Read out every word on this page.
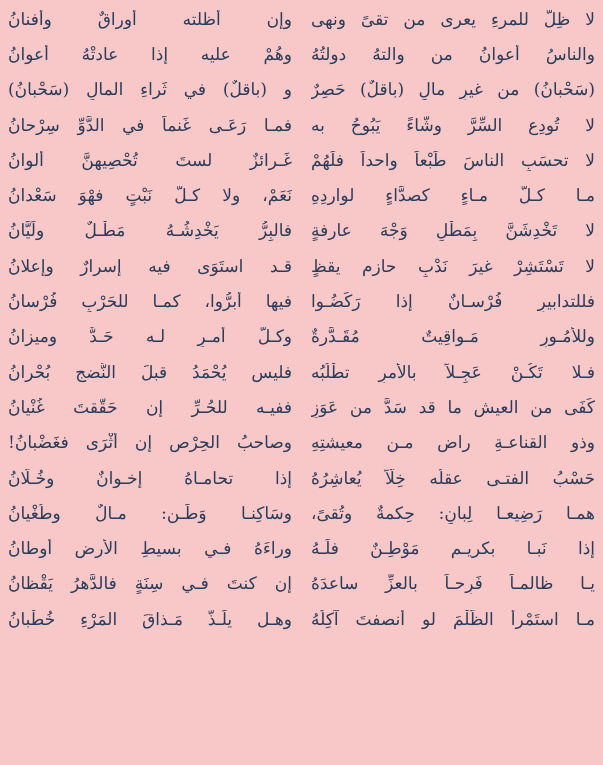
لا ظِلّ للمرءِ يعرى من تقىً ونهى
وإن أظلته أوراقٌ وأفنانُ
والناسُ أعوانُ من والتهُ دولتُهُ
وهُمْ عليه إذا عادتْهُ أعوانُ
(سَحْبانُ) من غيرِ مالٍ (باقلٌ) حَصِرٌ
و (باقلٌ) في ثَراءِ المالِ (سَحْبانُ)
لا تُودِعِ السِّرَّ وشَّاءً يَبُوحُ به
فمـا رَعَـى غَنماً في الدَّوِّ سِرْحانُ
لا تحسَبِ الناسَ طَبْعاً واحداً فلَهُمْ
غَـرائزٌ لستَ تُحْصِيهِنَّ ألوانُ
مـا كـلُّ مـاءٍ كصدَّاءٍ لواردِهِ
نَعَمْ، ولا كـلُّ نَبْتٍ فهْوَ سَعْدانُ
لا تَخْدِشَنَّ بِمَطْلٍ وَجْهَ عارفةٍ
فالبِرُّ يَخْدِشُـهُ مَطْـلٌ ولَيَّانُ
لا تَسْتَشِرْ غيرَ نَدْبٍ حازمٍ يقظٍ
قـد استَوَى فيه إسرارٌ وإعلانُ
فللتدابيرِ فُرْسـانٌ إذا رَكَضُـوا
فيها أبرُّوا، كمـا للحَرْبِ فُرْسانُ
وللأُمُـورِ مَـواقِيتٌ مُقَـدَّرةٌ
وكـلُّ أمـرٍ لـه حَـدٌّ وميزانُ
فـلا تَكُـنْ عَجِـلاً بالأمرِ تطْلُبُه
فليس يُحْمَدُ قبلَ النُّضجِ بُحْرانُ
كَفَى من العيشِ ما قد سَدَّ من عَوَزٍ
ففيـه للحُـرِّ إن حَقَّقتَ غُنْيانُ
وذو القناعـةِ راضٍ مـن معيشتِهِ
وصاحبُ الحِرْصِ إن أثْرَى فغَضْبانُ!
حَسْبُ الفتـى عقلُه خِلّاً يُعاشِرُهُ
إذا تحامـاهُ إخـوانٌ وخُـلَّانُ
همـا رَضِيعـا لِبانٍ: حِكمةٌ وتُقىً،
وسَاكِنـا وَطَـنٍ: مـالٌ وطُغْيانُ
إذا نَبـا بكريـمٍ مَوْطِـنٌ فلَـهُ
وراءَهُ فـي بسيطِ الأرضِ أوطانُ
يـا ظالمـاً فَرِحـاً بالعزِّ ساعدَهُ
إن كنتَ فـي سِنَةٍ فالدَّهرُ يَقْظانُ
مـا استَمْرأ الظُّلْمَ لو أنصفتَ آكِلُهُ
وهـل يلَـذُّ مَـذاقَ المَرْءِ خُطْبانُ
